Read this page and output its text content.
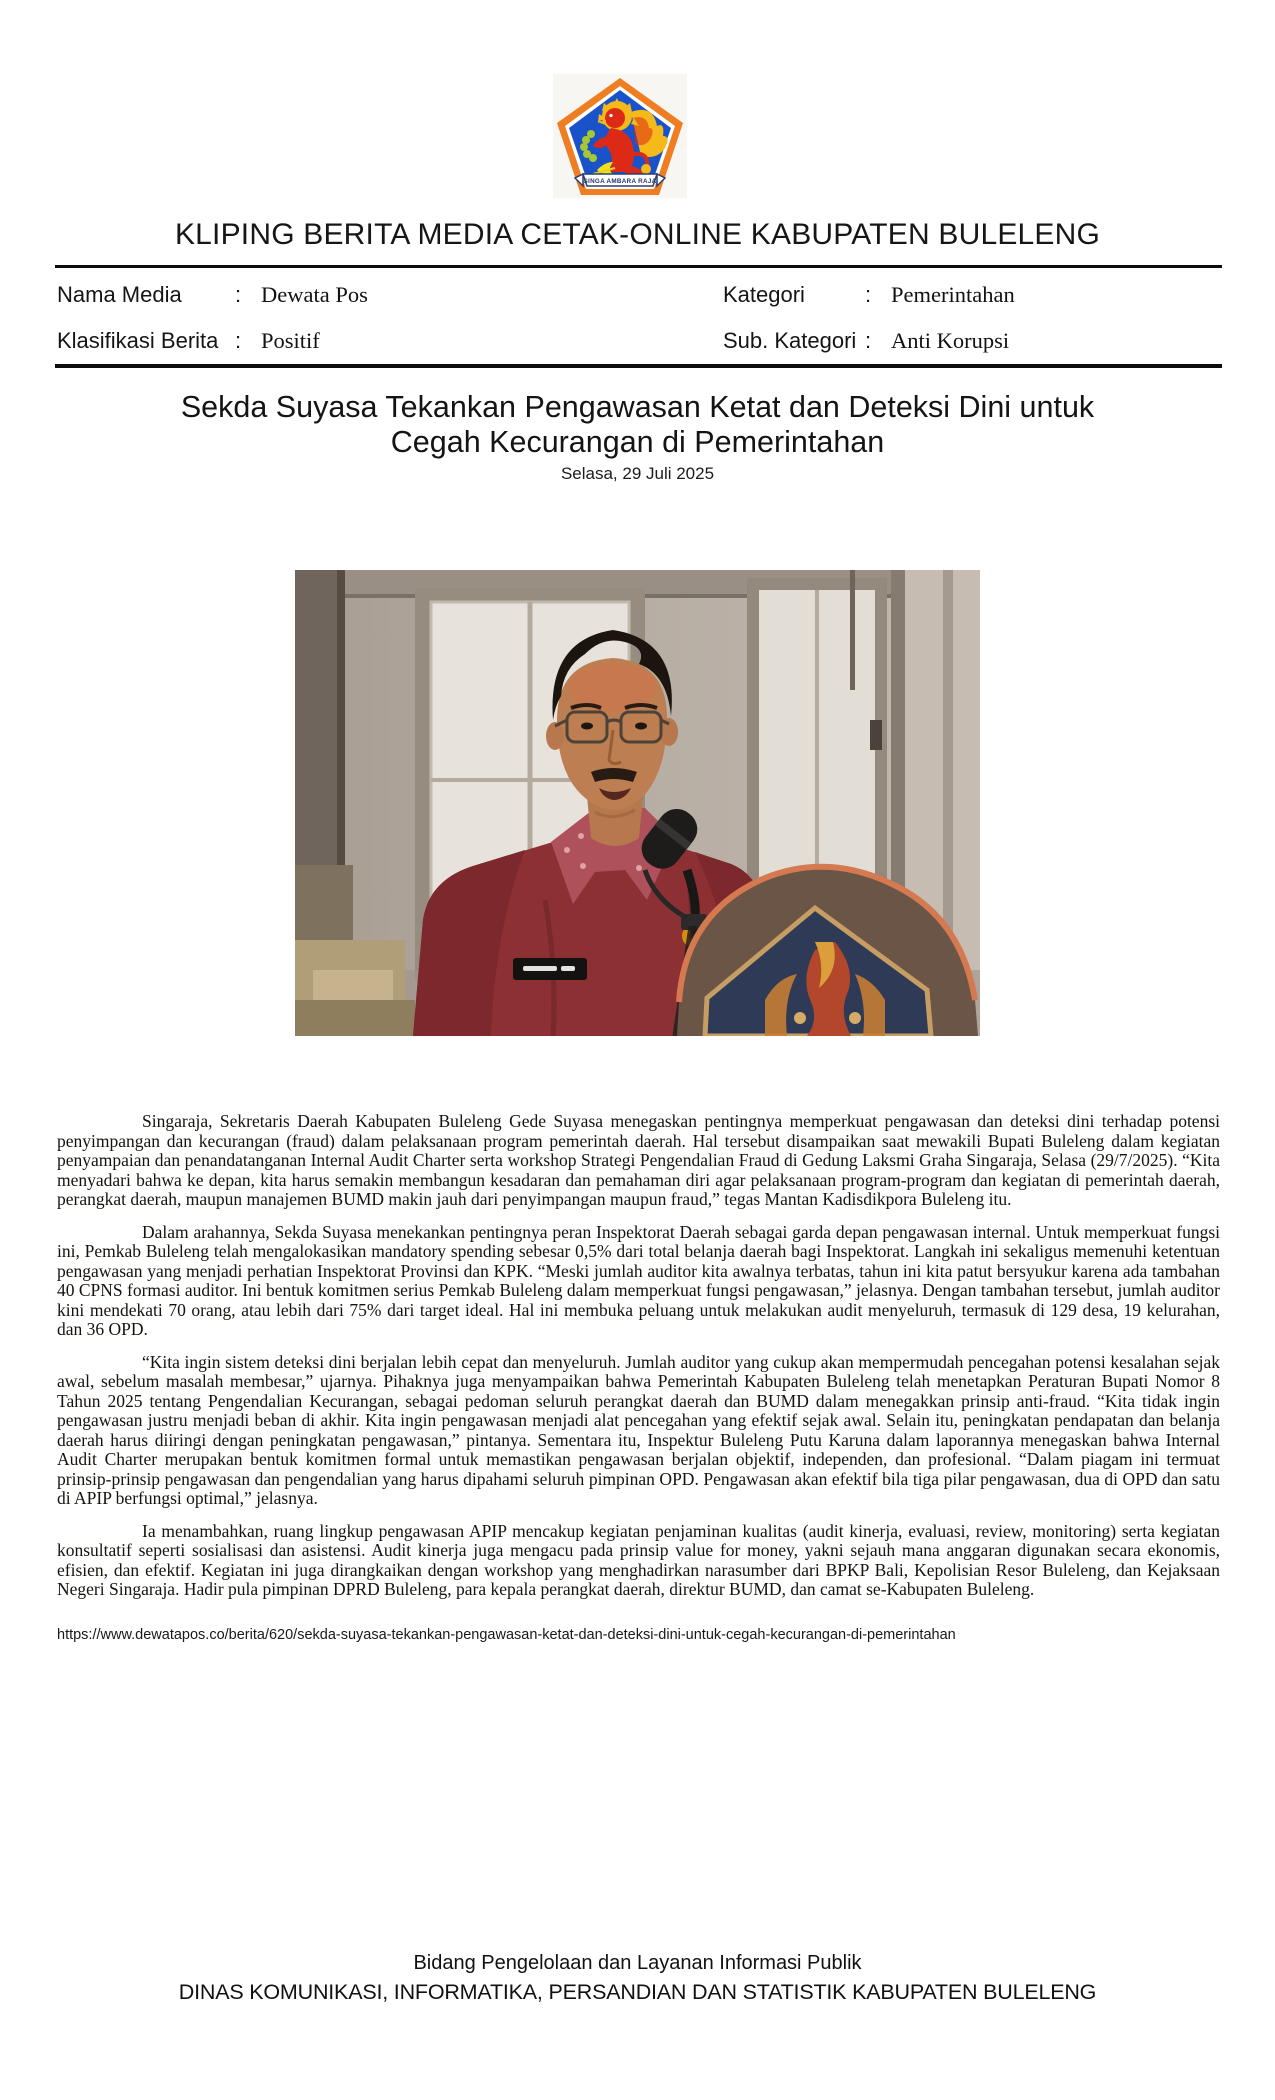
SINGA AMBARA RAJA
KLIPING BERITA MEDIA CETAK-ONLINE KABUPATEN BULELENG
Nama Media	: Dewata Pos	Kategori	: Pemerintahan
Klasifikasi Berita : Positif	Sub. Kategori : Anti Korupsi
Sekda Suyasa Tekankan Pengawasan Ketat dan Deteksi Dini untuk Cegah Kecurangan di Pemerintahan
Selasa, 29 Juli 2025

Singaraja, Sekretaris Daerah Kabupaten Buleleng Gede Suyasa menegaskan pentingnya memperkuat pengawasan dan deteksi dini terhadap potensi penyimpangan dan kecurangan (fraud) dalam pelaksanaan program pemerintah daerah. Hal tersebut disampaikan saat mewakili Bupati Buleleng dalam kegiatan penyampaian dan penandatanganan Internal Audit Charter serta workshop Strategi Pengendalian Fraud di Gedung Laksmi Graha Singaraja, Selasa (29/7/2025). “Kita menyadari bahwa ke depan, kita harus semakin membangun kesadaran dan pemahaman diri agar pelaksanaan program-program dan kegiatan di pemerintah daerah, perangkat daerah, maupun manajemen BUMD makin jauh dari penyimpangan maupun fraud,” tegas Mantan Kadisdikpora Buleleng itu.

Dalam arahannya, Sekda Suyasa menekankan pentingnya peran Inspektorat Daerah sebagai garda depan pengawasan internal. Untuk memperkuat fungsi ini, Pemkab Buleleng telah mengalokasikan mandatory spending sebesar 0,5% dari total belanja daerah bagi Inspektorat. Langkah ini sekaligus memenuhi ketentuan pengawasan yang menjadi perhatian Inspektorat Provinsi dan KPK. “Meski jumlah auditor kita awalnya terbatas, tahun ini kita patut bersyukur karena ada tambahan 40 CPNS formasi auditor. Ini bentuk komitmen serius Pemkab Buleleng dalam memperkuat fungsi pengawasan,” jelasnya. Dengan tambahan tersebut, jumlah auditor kini mendekati 70 orang, atau lebih dari 75% dari target ideal. Hal ini membuka peluang untuk melakukan audit menyeluruh, termasuk di 129 desa, 19 kelurahan, dan 36 OPD.

“Kita ingin sistem deteksi dini berjalan lebih cepat dan menyeluruh. Jumlah auditor yang cukup akan mempermudah pencegahan potensi kesalahan sejak awal, sebelum masalah membesar,” ujarnya. Pihaknya juga menyampaikan bahwa Pemerintah Kabupaten Buleleng telah menetapkan Peraturan Bupati Nomor 8 Tahun 2025 tentang Pengendalian Kecurangan, sebagai pedoman seluruh perangkat daerah dan BUMD dalam menegakkan prinsip anti-fraud. “Kita tidak ingin pengawasan justru menjadi beban di akhir. Kita ingin pengawasan menjadi alat pencegahan yang efektif sejak awal. Selain itu, peningkatan pendapatan dan belanja daerah harus diiringi dengan peningkatan pengawasan,” pintanya. Sementara itu, Inspektur Buleleng Putu Karuna dalam laporannya menegaskan bahwa Internal Audit Charter merupakan bentuk komitmen formal untuk memastikan pengawasan berjalan objektif, independen, dan profesional. “Dalam piagam ini termuat prinsip-prinsip pengawasan dan pengendalian yang harus dipahami seluruh pimpinan OPD. Pengawasan akan efektif bila tiga pilar pengawasan, dua di OPD dan satu di APIP berfungsi optimal,” jelasnya.

Ia menambahkan, ruang lingkup pengawasan APIP mencakup kegiatan penjaminan kualitas (audit kinerja, evaluasi, review, monitoring) serta kegiatan konsultatif seperti sosialisasi dan asistensi. Audit kinerja juga mengacu pada prinsip value for money, yakni sejauh mana anggaran digunakan secara ekonomis, efisien, dan efektif. Kegiatan ini juga dirangkaikan dengan workshop yang menghadirkan narasumber dari BPKP Bali, Kepolisian Resor Buleleng, dan Kejaksaan Negeri Singaraja. Hadir pula pimpinan DPRD Buleleng, para kepala perangkat daerah, direktur BUMD, dan camat se-Kabupaten Buleleng.

https://www.dewatapos.co/berita/620/sekda-suyasa-tekankan-pengawasan-ketat-dan-deteksi-dini-untuk-cegah-kecurangan-di-pemerintahan
Bidang Pengelolaan dan Layanan Informasi Publik
DINAS KOMUNIKASI, INFORMATIKA, PERSANDIAN DAN STATISTIK KABUPATEN BULELENG
